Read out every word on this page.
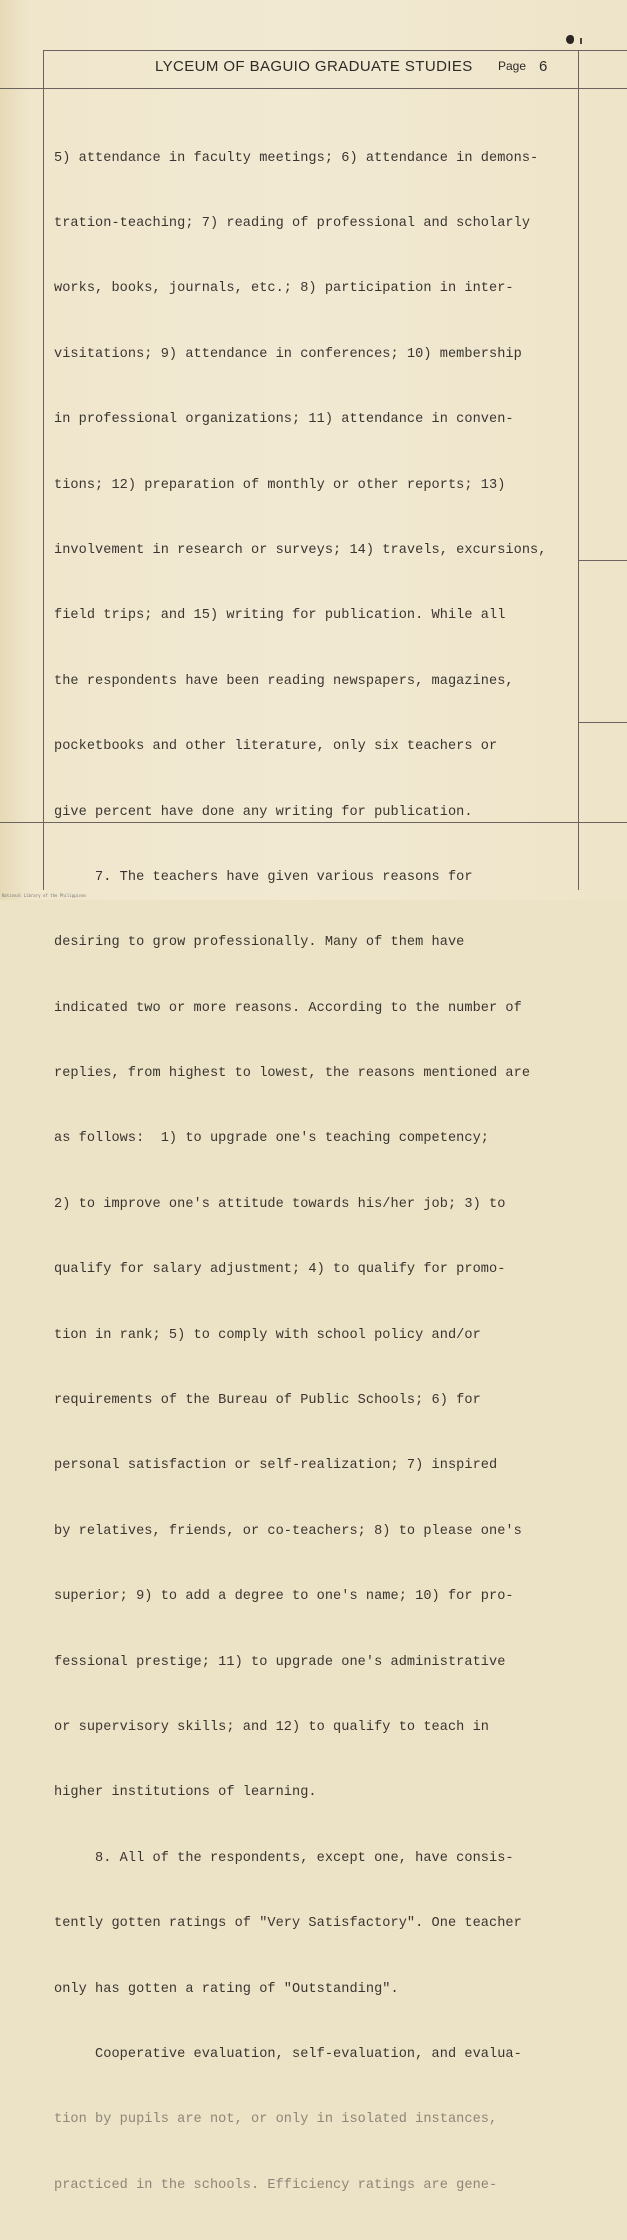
LYCEUM OF BAGUIO GRADUATE STUDIES	Page 6

5) attendance in faculty meetings; 6) attendance in demons-

tration-teaching; 7) reading of professional and scholarly

works, books, journals, etc.; 8) participation in inter-

visitations; 9) attendance in conferences; 10) membership

in professional organizations; 11) attendance in conven-

tions; 12) preparation of monthly or other reports; 13)

involvement in research or surveys; 14) travels, excursions,

field trips; and 15) writing for publication. While all

the respondents have been reading newspapers, magazines,

pocketbooks and other literature, only six teachers or

give percent have done any writing for publication.

7. The teachers have given various reasons for

desiring to grow professionally. Many of them have

indicated two or more reasons. According to the number of

replies, from highest to lowest, the reasons mentioned are

as follows:  1) to upgrade one's teaching competency;

2) to improve one's attitude towards his/her job; 3) to

qualify for salary adjustment; 4) to qualify for promo-

tion in rank; 5) to comply with school policy and/or

requirements of the Bureau of Public Schools; 6) for

personal satisfaction or self-realization; 7) inspired

by relatives, friends, or co-teachers; 8) to please one's

superior; 9) to add a degree to one's name; 10) for pro-

fessional prestige; 11) to upgrade one's administrative

or supervisory skills; and 12) to qualify to teach in

higher institutions of learning.

8. All of the respondents, except one, have consis-

tently gotten ratings of "Very Satisfactory". One teacher

only has gotten a rating of "Outstanding".

Cooperative evaluation, self-evaluation, and evalua-

tion by pupils are not, or only in isolated instances,

practiced in the schools. Efficiency ratings are gene-

National Library of the Philippines
